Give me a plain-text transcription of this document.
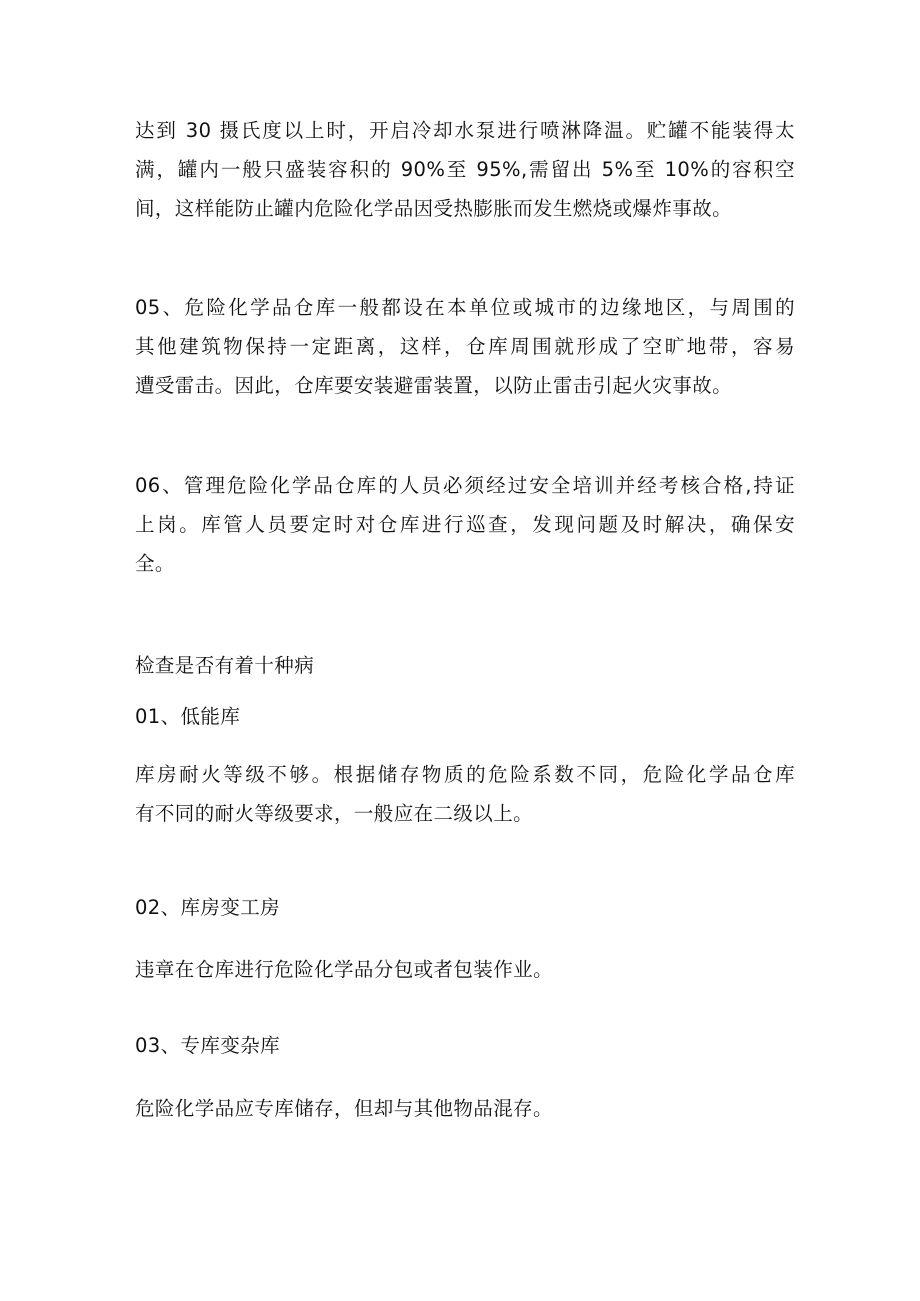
达到 30 摄氏度以上时，开启冷却水泵进行喷淋降温。贮罐不能装得太
满，罐内一般只盛装容积的 90%至 95%,需留出 5%至 10%的容积空
间，这样能防止罐内危险化学品因受热膨胀而发生燃烧或爆炸事故。

05、危险化学品仓库一般都设在本单位或城市的边缘地区，与周围的
其他建筑物保持一定距离，这样，仓库周围就形成了空旷地带，容易
遭受雷击。因此，仓库要安装避雷装置，以防止雷击引起火灾事故。

06、管理危险化学品仓库的人员必须经过安全培训并经考核合格,持证
上岗。库管人员要定时对仓库进行巡查，发现问题及时解决，确保安
全。

检查是否有着十种病

01、低能库

库房耐火等级不够。根据储存物质的危险系数不同，危险化学品仓库
有不同的耐火等级要求，一般应在二级以上。

02、库房变工房

违章在仓库进行危险化学品分包或者包装作业。

03、专库变杂库

危险化学品应专库储存，但却与其他物品混存。
